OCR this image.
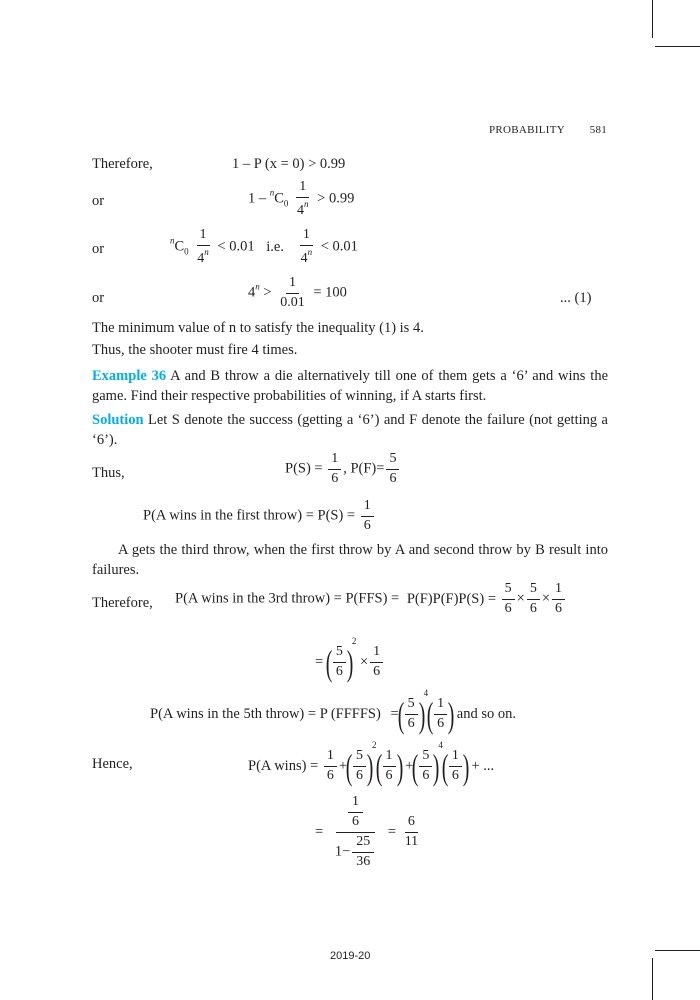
PROBABILITY 581
Therefore,	1 – P (x = 0) > 0.99
or	$1 - ^nC_0 \frac{1}{4^n} > 0.99$
or
$^nC_0 \frac{1}{4^n} < 0.01$ i.e. $\frac{1}{4^n} < 0.01$
or	$4^n > \frac{1}{0.01} = 100$	... (1)
The minimum value of n to satisfy the inequality (1) is 4.
Thus, the shooter must fire 4 times.
Example 36 A and B throw a die alternatively till one of them gets a ‘6’ and wins the game. Find their respective probabilities of winning, if A starts first.
Solution Let S denote the success (getting a ‘6’) and F denote the failure (not getting a ‘6’).
Thus,	$P(S) = \frac{1}{6}$ , $P(F)= \frac{5}{6}$
P(A wins in the first throw) = $P(S) = \frac{1}{6}$
A gets the third throw, when the first throw by A and second throw by B result into failures.
Therefore, P(A wins in the 3rd throw) = $P(FFS) = P(F)P(F)P(S) = \frac{5}{6} \times \frac{5}{6} \times \frac{1}{6}$
= ( $\frac{5}{6} )^2 \times \frac{1}{6}$
P(A wins in the 5th throw) = P (FFFFS) =( $\frac{5}{6} )^4( \frac{1}{6}$ ) and so on.
Hence,	P(A wins) = $\frac{1}{6}$ +( $\frac{5}{6} )^2( \frac{1}{6}$ ) +( $\frac{5}{6} )^4( \frac{1}{6}$ ) + ...
= $\frac{\frac{1}{6}}{1- \frac{25}{36}} = \frac{6}{11}$
2019-20
